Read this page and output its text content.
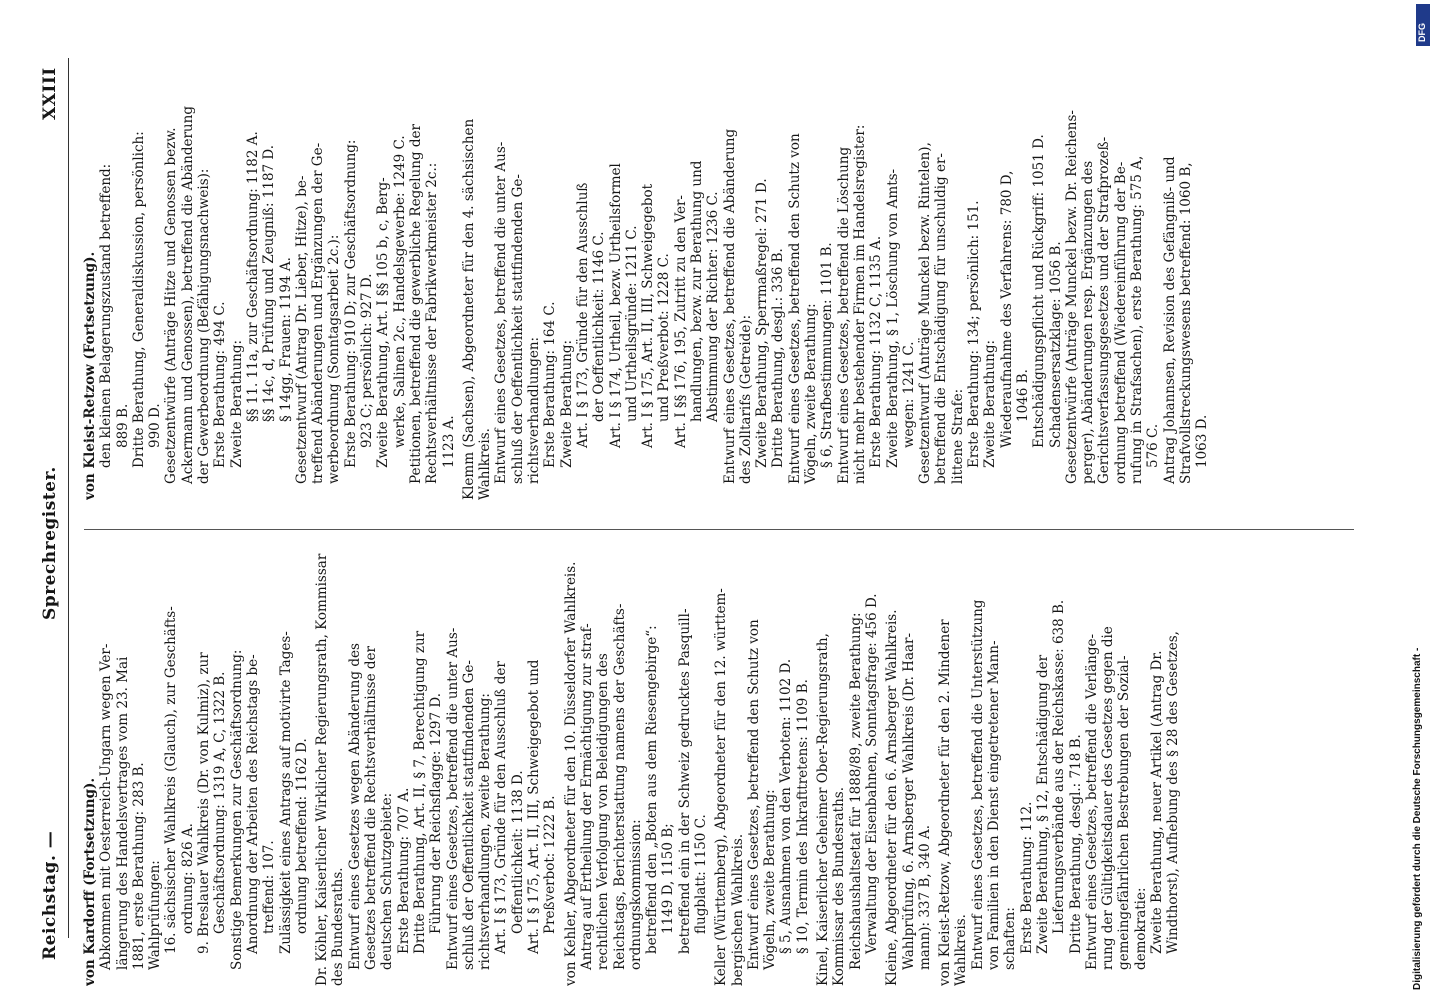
Reichstag. —
Sprechregister.
XXIII
von Kardorff (Fortsetzung). Abkommen mit Oesterreich-Ungarn wegen Ver- längerung des Handelsvertrages vom 23. Mai 1881, erste Berathung: 283 B. Wahlprüfungen: 16. sächsischer Wahlkreis (Glauch), zur Geschäfts- ordnung: 826 A. 9. Breslauer Wahlkreis (Dr. von Kulmiz), zur Geschäftsordnung: 1319 A, C, 1322 B. Sonstige Bemerkungen zur Geschäftsordnung: Anordnung der Arbeiten des Reichstags be- treffend: 107. Zulässigkeit eines Antrags auf motivirte Tages- ordnung betreffend: 1162 D. Dr. Köhler, Kaiserlicher Wirklicher Regierungsrath, Kommissar des Bundesraths. Entwurf eines Gesetzes wegen Abänderung des Gesetzes betreffend die Rechtsverhältnisse der deutschen Schutzgebiete: Erste Berathung: 707 A. Dritte Berathung, Art. II, § 7, Berechtigung zur Führung der Reichsflagge: 1297 D. Entwurf eines Gesetzes, betreffend die unter Aus- schluß der Oeffentlichkeit stattfindenden Ge- richtsverhandlungen, zweite Berathung: Art. I § 173, Gründe für den Ausschluß der Oeffentlichkeit: 1138 D. Art. I § 175, Art. II, III, Schweigegebot und Preßverbot: 1222 B. von Kehler, Abgeordneter für den 10. Düsseldorfer Wahlkreis. Antrag auf Ertheilung der Ermächtigung zur straf- rechtlichen Verfolgung von Beleidigungen des Reichstags, Berichterstattung namens der Geschäfts- ordnungskommission: betreffend den „Boten aus dem Riesengebirge“: 1149 D, 1150 B; betreffend ein in der Schweiz gedrucktes Pasquill- flugblatt: 1150 C. Keller (Württemberg), Abgeordneter für den 12. württem- bergischen Wahlkreis. Entwurf eines Gesetzes, betreffend den Schutz von Vögeln, zweite Berathung: § 5, Ausnahmen von den Verboten: 1102 D. § 10, Termin des Inkrafttretens: 1109 B. Kinel, Kaiserlicher Geheimer Ober-Regierungsrath, Kommissar des Bundesraths. Reichshaushaltsetat für 1888/89, zweite Berathung: Verwaltung der Eisenbahnen, Sonntagsfrage: 456 D. Kleine, Abgeordneter für den 6. Arnsberger Wahlkreis. Wahlprüfung, 6. Arnsberger Wahlkreis (Dr. Haar- mann): 337 B, 340 A. von Kleist-Retzow, Abgeordneter für den 2. Mindener Wahlkreis. Entwurf eines Gesetzes, betreffend die Unterstützung von Familien in den Dienst eingetretener Mann- schaften: Erste Berathung: 112. Zweite Berathung, § 12, Entschädigung der Lieferungsverbände aus der Reichskasse: 638 B. Dritte Berathung, desgl.: 718 B. Entwurf eines Gesetzes, betreffend die Verlänge- rung der Gültigkeitsdauer des Gesetzes gegen die gemeingefährlichen Bestrebungen der Sozial- demokratie: Zweite Berathung, neuer Artikel (Antrag Dr. Windthorst), Aufhebung des § 28 des Gesetzes,
von Kleist-Retzow (Fortsetzung). den kleinen Belagerungszustand betreffend: 889 B. Dritte Berathung, Generaldiskussion, persönlich: 990 D. Gesetzentwürfe (Anträge Hitze und Genossen bezw. Ackermann und Genossen), betreffend die Abänderung der Gewerbeordnung (Befähigungsnachweis): Erste Berathung: 494 C. Zweite Berathung: §§ 11. 11a, zur Geschäftsordnung: 1182 A. §§ 14c, d, Prüfung und Zeugniß: 1187 D. § 14gg, Frauen: 1194 A. Gesetzentwurf (Antrag Dr. Lieber, Hitze), be- treffend Abänderungen und Ergänzungen der Ge- werbeordnung (Sonntagsarbeit 2c.): Erste Berathung: 910 D; zur Geschäftsordnung: 923 C; persönlich: 927 D. Zweite Berathung, Art. I §§ 105 b, c, Berg- werke, Salinen 2c., Handelsgewerbe: 1249 C. Petitionen, betreffend die gewerbliche Regelung der Rechtsverhältnisse der Fabrikwerkmeister 2c.: 1123 A. Klemm (Sachsen), Abgeordneter für den 4. sächsischen Wahlkreis. Entwurf eines Gesetzes, betreffend die unter Aus- schluß der Oeffentlichkeit stattfindenden Ge- richtsverhandlungen: Erste Berathung: 164 C. Zweite Berathung: Art. I § 173, Gründe für den Ausschluß der Oeffentlichkeit: 1146 C. Art. I § 174, Urtheil, bezw. Urtheilsformel und Urtheilsgründe: 1211 C. Art. I § 175, Art. II, III, Schweigegebot und Preßverbot: 1228 C. Art. I §§ 176, 195, Zutritt zu den Ver- handlungen, bezw. zur Berathung und Abstimmung der Richter: 1236 C. Entwurf eines Gesetzes, betreffend die Abänderung des Zolltarifs (Getreide): Zweite Berathung, Sperrmaßregel: 271 D. Dritte Berathung, desgl.: 336 B. Entwurf eines Gesetzes, betreffend den Schutz von Vögeln, zweite Berathung: § 6, Strafbestimmungen: 1101 B. Entwurf eines Gesetzes, betreffend die Löschung nicht mehr bestehender Firmen im Handelsregister: Erste Berathung: 1132 C, 1135 A. Zweite Berathung, § 1, Löschung von Amts- wegen: 1241 C. Gesetzentwurf (Anträge Munckel bezw. Rintelen), betreffend die Entschädigung für unschuldig er- littene Strafe: Erste Berathung: 134; persönlich: 151. Zweite Berathung: Wiederaufnahme des Verfahrens: 780 D, 1046 B. Entschädigungspflicht und Rückgriff: 1051 D. Schadensersatzklage: 1056 B. Gesetzentwürfe (Anträge Munckel bezw. Dr. Reichens- perger), Abänderungen resp. Ergänzungen des Gerichtsverfassungsgesetzes und der Strafprozeß- ordnung betreffend (Wiedereinführung der Be- rufung in Strafsachen), erste Berathung: 575 A, 576 C. Antrag Johannsen, Revision des Gefängniß- und Strafvollstreckungswesens betreffend: 1060 B, 1063 D.
Digitalisierung gefördert durch die Deutsche Forschungsgemeinschaft -
DFG
